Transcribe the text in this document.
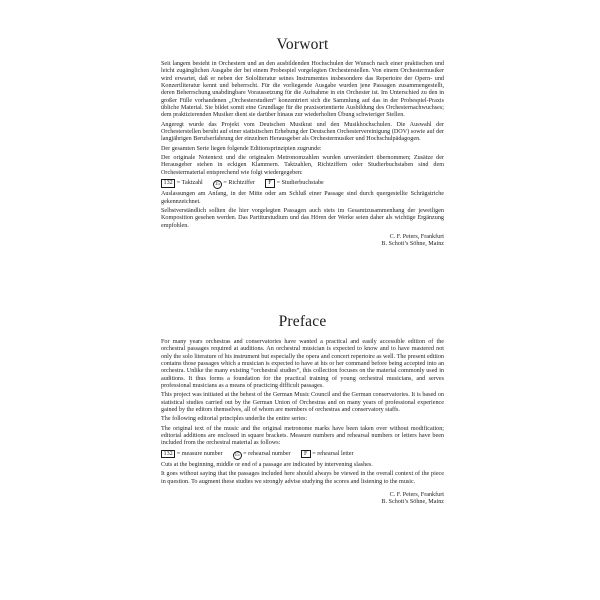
Vorwort

Seit langem besteht in Orchestern und an den ausbildenden Hochschulen der Wunsch nach einer praktischen und leicht zugänglichen Ausgabe der bei einem Probespiel vorgelegten Orchesterstellen. Von einem Orchestermusiker wird erwartet, daß er neben der Sololiteratur seines Instrumentes insbesondere das Repertoire der Opern- und Konzertliteratur kennt und beherrscht. Für die vorliegende Ausgabe wurden jene Passagen zusammengestellt, deren Beherrschung unabdingbare Voraussetzung für die Aufnahme in ein Orchester ist. Im Unterschied zu den in großer Fülle vorhandenen „Orchesterstudien“ konzentriert sich die Sammlung auf das in der Probespiel-Praxis übliche Material. Sie bildet somit eine Grundlage für die praxisorientierte Ausbildung des Orchesternachwuchses; dem praktizierenden Musiker dient sie darüber hinaus zur wiederholten Übung schwieriger Stellen.

Angeregt wurde das Projekt vom Deutschen Musikrat und den Musikhochschulen. Die Auswahl der Orchesterstellen beruht auf einer statistischen Erhebung der Deutschen Orchestervereinigung (DOV) sowie auf der langjährigen Berufserfahrung der einzelnen Herausgeber als Orchestermusiker und Hochschulpädagogen.

Der gesamten Serie liegen folgende Editionsprinzipien zugrunde:

Der originale Notentext und die originalen Metronomzahlen wurden unverändert übernommen; Zusätze der Herausgeber stehen in eckigen Klammern. Taktzahlen, Richtziffern oder Studierbuchstaben sind dem Orchestermaterial entsprechend wie folgt wiedergegeben:

132 = Taktzahl 15 = Richtziffer F = Studierbuchstabe

Auslassungen am Anfang, in der Mitte oder am Schluß einer Passage sind durch quergestellte Schrägstriche gekennzeichnet.

Selbstverständlich sollten die hier vorgelegten Passagen auch stets im Gesamtzusammenhang der jeweiligen Komposition gesehen werden. Das Partiturstudium und das Hören der Werke seien daher als wichtige Ergänzung empfohlen.

C. F. Peters, Frankfurt
B. Schott’s Söhne, Mainz
Preface

For many years orchestras and conservatories have wanted a practical and easily accessible edition of the orchestral passages required at auditions. An orchestral musician is expected to know and to have mastered not only the solo literature of his instrument but especially the opera and concert repertoire as well. The present edition contains those passages which a musician is expected to have at his or her command before being accepted into an orchestra. Unlike the many existing “orchestral studies”, this collection focuses on the material commonly used in auditions. It thus forms a foundation for the practical training of young orchestral musicians, and serves professional musicians as a means of practicing difficult passages.

This project was initiated at the behest of the German Music Council and the German conservatories. It is based on statistical studies carried out by the German Union of Orchestras and on many years of professional experience gained by the editors themselves, all of whom are members of orchestras and conservatory staffs.

The following editorial principles underlie the entire series:

The original text of the music and the original metronome marks have been taken over without modification; editorial additions are enclosed in square brackets. Measure numbers and rehearsal numbers or letters have been included from the orchestral material as follows:

132 = measure number 15 = rehearsal number F = rehearsal letter

Cuts at the beginning, middle or end of a passage are indicated by intervening slashes.

It goes without saying that the passages included here should always be viewed in the overall context of the piece in question. To augment these studies we strongly advise studying the scores and listening to the music.

C. F. Peters, Frankfurt
B. Schott’s Söhne, Mainz
